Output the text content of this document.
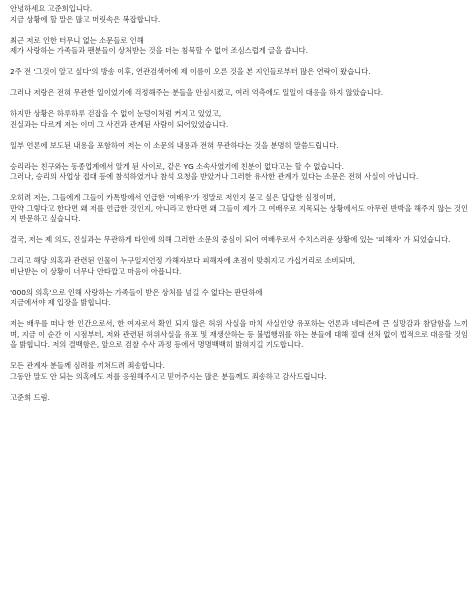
안녕하세요 고준희입니다.
지금 상황에 할 말은 많고 머릿속은 복잡합니다.
최근 저로 인한 터무니 없는 소문들로 인해
제가 사랑하는 가족들과 팬분들이 상처받는 것을 더는 침묵할 수 없어 조심스럽게 글을 씁니다.
2주 전 '그것이 알고 싶다'의 방송 이후, 연관검색어에 제 이름이 오른 것을 본 지인들로부터 많은 연락이 왔습니다.
그러나 저랑은 전혀 무관한 일이었기에 걱정해주는 분들을 안심시켰고, 여러 억측에도 일일이 대응을 하지 않았습니다.
하지만 상황은 하루하루 걷잡을 수 없이 눈덩이처럼 커지고 있었고,
진실과는 다르게 저는 이미 그 사건과 관계된 사람이 되어있었습니다.
일부 언론에 보도된 내용을 포함하여 저는 이 소문의 내용과 전혀 무관하다는 것을 분명히 말씀드립니다.
승리라는 친구와는 동종업계에서 알게 된 사이로, 같은 YG 소속사였기에 친분이 없다고는 할 수 없습니다.
그러나, 승리의 사업상 접대 등에 참석하였거나 참석 요청을 받았거나 그러한 유사한 관계가 있다는 소문은 전혀 사실이 아닙니다.
오히려 저는, 그들에게 그들이 카톡방에서 언급한 '여배우'가 정말로 저인지 묻고 싶은 답답한 심정이며,
만약 그렇다고 한다면 왜 저를 언급한 것인지, 아니라고 한다면 왜 그들이 제가 그 여배우로 지목되는 상황에서도 아무런 반박을 해주지 않는 것인지 반문하고 싶습니다.
결국, 저는 제 의도, 진실과는 무관하게 타인에 의해 그러한 소문의 중심이 되어 여배우로서 수치스러운 상황에 있는 '피해자' 가 되었습니다.
그리고 해당 의혹과 관련된 인물이 누구일지언정 가해자보다 피해자에 초점이 맞춰지고 가십거리로 소비되며,
비난받는 이 상황이 너무나 안타깝고 마음이 아픕니다.
'000의 의혹'으로 인해 사랑하는 가족들이 받은 상처를 넘길 수 없다는 판단하에
지금에서야 제 입장을 밝힙니다.
저는 배우를 떠나 한 인간으로서, 한 여자로서 확인 되지 않은 허위 사실을 마치 사실인양 유포하는 언론과 네티즌에 큰 실망감과 참담함을 느끼며, 지금 이 순간 이 시점부터, 저와 관련된 허위사실을 유포 및 재생산하는 등 불법행위를 하는 분들에 대해 절대 선처 없이 법적으로 대응할 것임을 밝힙니다. 저의 결백함은, 앞으로 검찰 수사 과정 등에서 명명백백히 밝혀지길 기도합니다.
모든 관계자 분들께 심려를 끼쳐드려 죄송합니다.
그동안 말도 안 되는 의혹에도 저를 응원해주시고 믿어주시는 많은 분들께도 죄송하고 감사드립니다.
고준희 드림.
